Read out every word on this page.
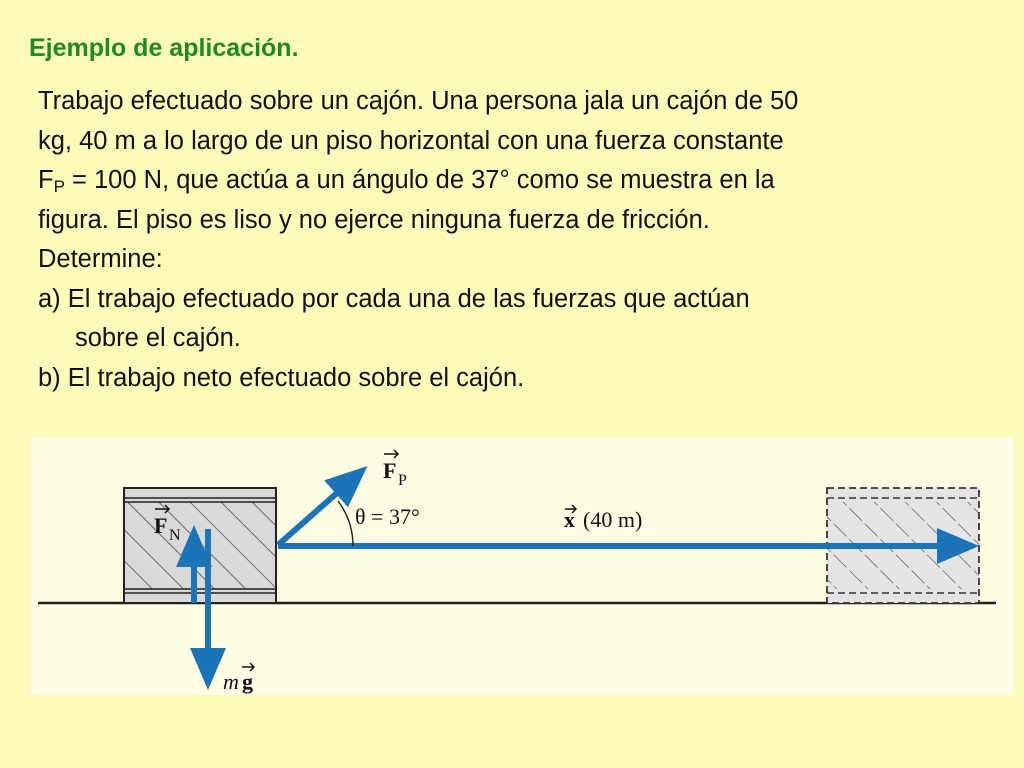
Ejemplo de aplicación.

Trabajo efectuado sobre un cajón. Una persona jala un cajón de 50

kg, 40 m a lo largo de un piso horizontal con una fuerza constante

$F_P = 100$ N, que actúa a un ángulo de 37° como se muestra en la

figura. El piso es liso y no ejerce ninguna fuerza de fricción.

Determine:

a) El trabajo efectuado por cada una de las fuerzas que actúan

sobre el cajón.

b) El trabajo neto efectuado sobre el cajón.

F P
θ = 37°	x (40 m)
F N
m g
